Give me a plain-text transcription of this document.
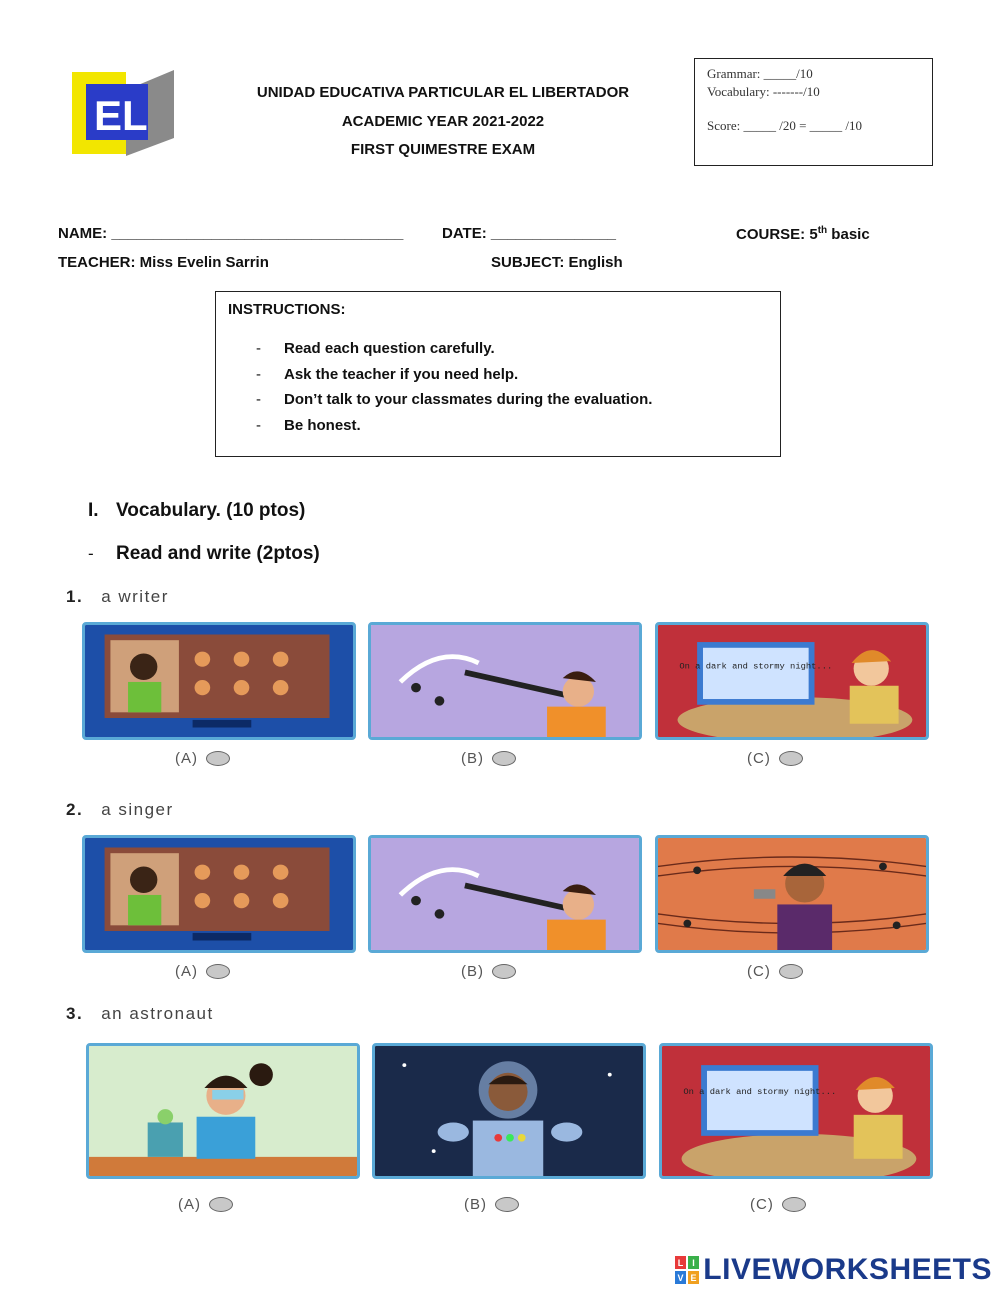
EL	UNIDAD EDUCATIVA PARTICULAR EL LIBERTADOR
ACADEMIC YEAR 2021-2022
FIRST QUIMESTRE EXAM
Grammar: _____/10
Vocabulary: -------/10
Score: _____ /20 = _____ /10
NAME: ___________________________________	DATE: _______________	COURSE: 5th basic
TEACHER: Miss Evelin Sarrin	SUBJECT: English
INSTRUCTIONS:
- Read each question carefully.
- Ask the teacher if you need help.
- Don’t talk to your classmates during the evaluation.
- Be honest.
I. Vocabulary. (10 ptos)
- Read and write (2ptos)
1. a writer
On a dark and stormy night...
(A)	(B)	(C)
2. a singer
(A)	(B)	(C)
3. an astronaut
On a dark and stormy night...
(A)	(B)	(C)
L I
V E LIVEWORKSHEETS
